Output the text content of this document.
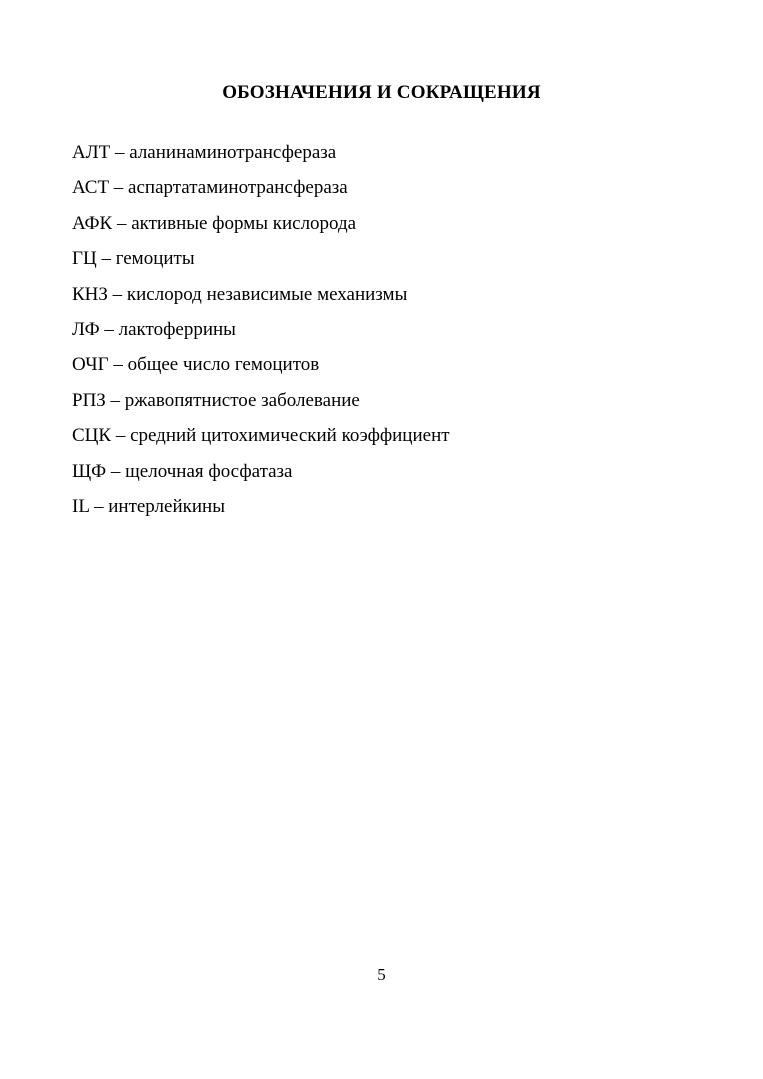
ОБОЗНАЧЕНИЯ И СОКРАЩЕНИЯ
АЛТ – аланинаминотрансфераза
АСТ – аспартатаминотрансфераза
АФК – активные формы кислорода
ГЦ – гемоциты
КНЗ – кислород независимые механизмы
ЛФ – лактоферрины
ОЧГ – общее число гемоцитов
РПЗ – ржавопятнистое заболевание
СЦК – средний цитохимический коэффициент
ЩФ – щелочная фосфатаза
IL – интерлейкины
5
